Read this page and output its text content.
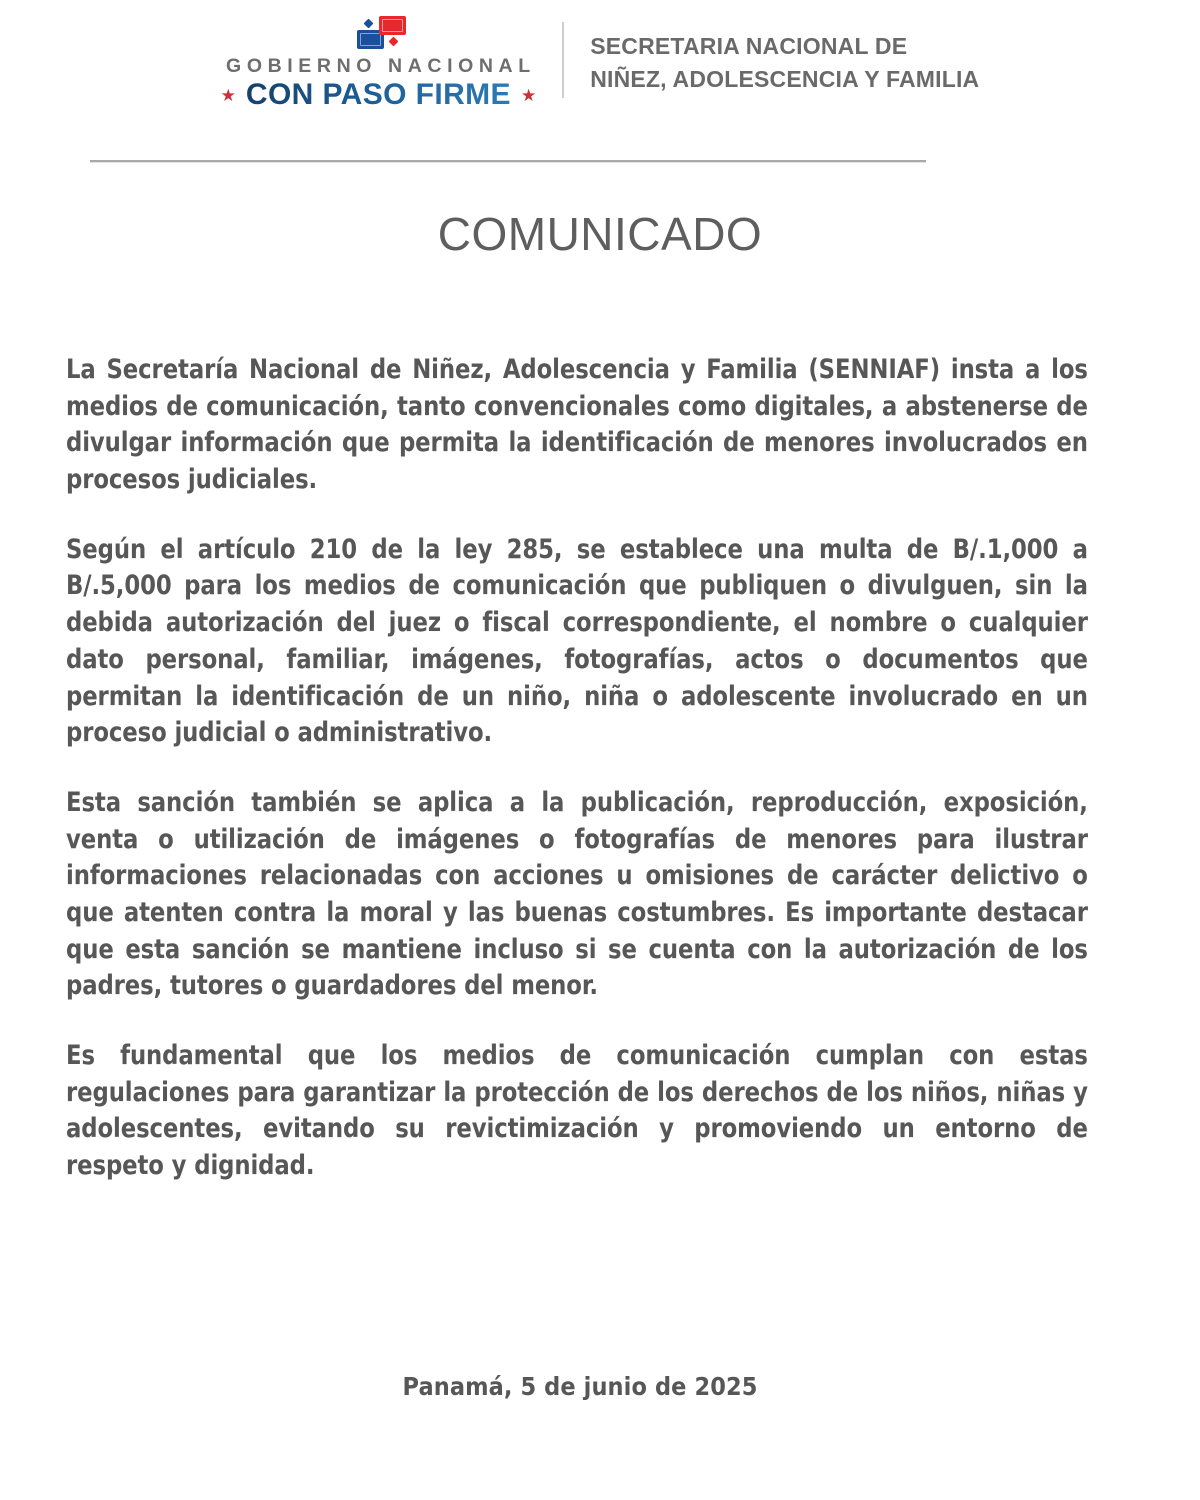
GOBIERNO NACIONAL
★ CON PASO FIRME ★
SECRETARIA NACIONAL DE
NIÑEZ, ADOLESCENCIA Y FAMILIA
COMUNICADO

La Secretaría Nacional de Niñez, Adolescencia y Familia (SENNIAF) insta a los medios de comunicación, tanto convencionales como digitales, a abstenerse de divulgar información que permita la identificación de menores involucrados en procesos judiciales.

Según el artículo 210 de la ley 285, se establece una multa de B/.1,000 a B/.5,000 para los medios de comunicación que publiquen o divulguen, sin la debida autorización del juez o fiscal correspondiente, el nombre o cualquier dato personal, familiar, imágenes, fotografías, actos o documentos que permitan la identificación de un niño, niña o adolescente involucrado en un proceso judicial o administrativo.

Esta sanción también se aplica a la publicación, reproducción, exposición, venta o utilización de imágenes o fotografías de menores para ilustrar informaciones relacionadas con acciones u omisiones de carácter delictivo o que atenten contra la moral y las buenas costumbres. Es importante destacar que esta sanción se mantiene incluso si se cuenta con la autorización de los padres, tutores o guardadores del menor.

Es fundamental que los medios de comunicación cumplan con estas regulaciones para garantizar la protección de los derechos de los niños, niñas y adolescentes, evitando su revictimización y promoviendo un entorno de respeto y dignidad.

Panamá, 5 de junio de 2025
